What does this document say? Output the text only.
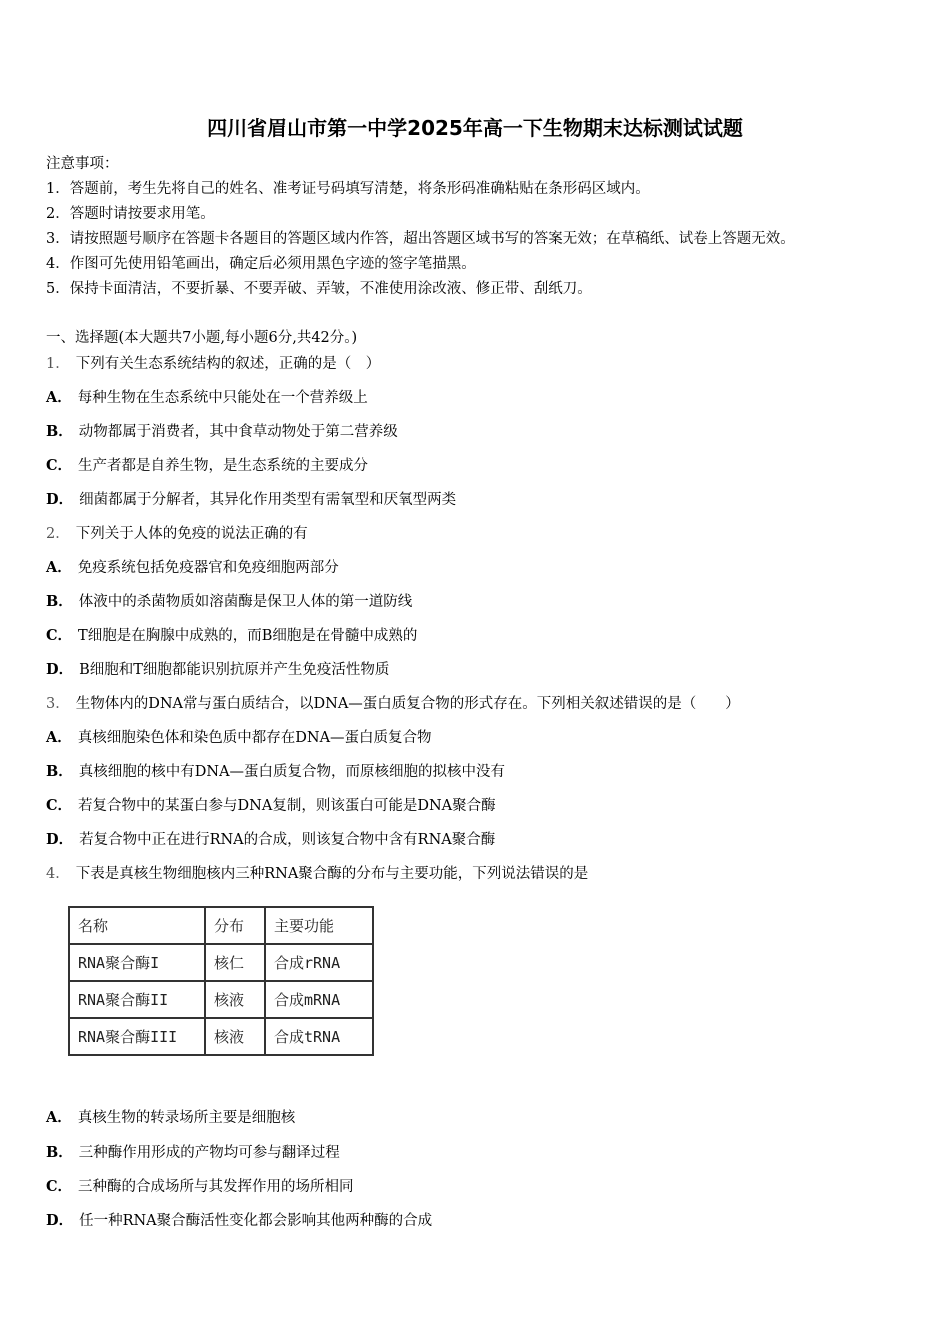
四川省眉山市第一中学2025年高一下生物期末达标测试试题
注意事项：
1．答题前，考生先将自己的姓名、准考证号码填写清楚，将条形码准确粘贴在条形码区域内。
2．答题时请按要求用笔。
3．请按照题号顺序在答题卡各题目的答题区域内作答，超出答题区域书写的答案无效；在草稿纸、试卷上答题无效。
4．作图可先使用铅笔画出，确定后必须用黑色字迹的签字笔描黑。
5．保持卡面清洁，不要折暴、不要弄破、弄皱，不准使用涂改液、修正带、刮纸刀。
一、选择题(本大题共7小题,每小题6分,共42分。)
1． 下列有关生态系统结构的叙述，正确的是（　）
A． 每种生物在生态系统中只能处在一个营养级上
B． 动物都属于消费者，其中食草动物处于第二营养级
C． 生产者都是自养生物，是生态系统的主要成分
D． 细菌都属于分解者，其异化作用类型有需氧型和厌氧型两类
2． 下列关于人体的免疫的说法正确的有
A． 免疫系统包括免疫器官和免疫细胞两部分
B． 体液中的杀菌物质如溶菌酶是保卫人体的第一道防线
C． T细胞是在胸腺中成熟的，而B细胞是在骨髓中成熟的
D． B细胞和T细胞都能识别抗原并产生免疫活性物质
3． 生物体内的DNA常与蛋白质结合，以DNA—蛋白质复合物的形式存在。下列相关叙述错误的是（　　）
A． 真核细胞染色体和染色质中都存在DNA—蛋白质复合物
B． 真核细胞的核中有DNA—蛋白质复合物，而原核细胞的拟核中没有
C． 若复合物中的某蛋白参与DNA复制，则该蛋白可能是DNA聚合酶
D． 若复合物中正在进行RNA的合成，则该复合物中含有RNA聚合酶
4． 下表是真核生物细胞核内三种RNA聚合酶的分布与主要功能，下列说法错误的是
名称	分布	主要功能
RNA聚合酶I	核仁	合成rRNA
RNA聚合酶II	核液	合成mRNA
RNA聚合酶III	核液	合成tRNA
A． 真核生物的转录场所主要是细胞核
B． 三种酶作用形成的产物均可参与翻译过程
C． 三种酶的合成场所与其发挥作用的场所相同
D． 任一种RNA聚合酶活性变化都会影响其他两种酶的合成
